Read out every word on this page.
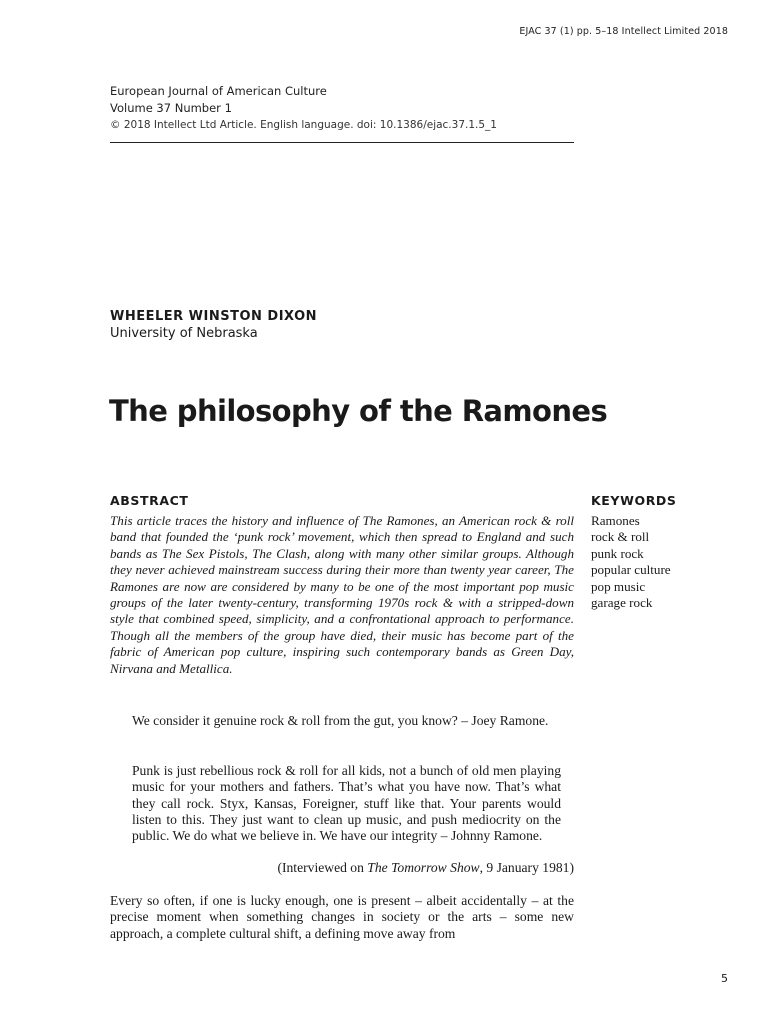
EJAC 37 (1) pp. 5–18 Intellect Limited 2018
European Journal of American Culture
Volume 37 Number 1
© 2018 Intellect Ltd Article. English language. doi: 10.1386/ejac.37.1.5_1
WHEELER WINSTON DIXON
University of Nebraska
The philosophy of the Ramones
ABSTRACT

This article traces the history and influence of The Ramones, an American rock & roll band that founded the ‘punk rock’ movement, which then spread to England and such bands as The Sex Pistols, The Clash, along with many other similar groups. Although they never achieved mainstream success during their more than twenty year career, The Ramones are now are considered by many to be one of the most important pop music groups of the later twenty-century, transforming 1970s rock & with a stripped-down style that combined speed, simplicity, and a confrontational approach to performance. Though all the members of the group have died, their music has become part of the fabric of American pop culture, inspiring such contemporary bands as Green Day, Nirvana and Metallica.

KEYWORDS
Ramones
rock & roll
punk rock
popular culture
pop music
garage rock

We consider it genuine rock & roll from the gut, you know? – Joey Ramone.

Punk is just rebellious rock & roll for all kids, not a bunch of old men playing music for your mothers and fathers. That’s what you have now. That’s what they call rock. Styx, Kansas, Foreigner, stuff like that. Your parents would listen to this. They just want to clean up music, and push mediocrity on the public. We do what we believe in. We have our integrity – Johnny Ramone.

(Interviewed on The Tomorrow Show, 9 January 1981)

Every so often, if one is lucky enough, one is present – albeit accidentally – at the precise moment when something changes in society or the arts – some new approach, a complete cultural shift, a defining move away from

5
